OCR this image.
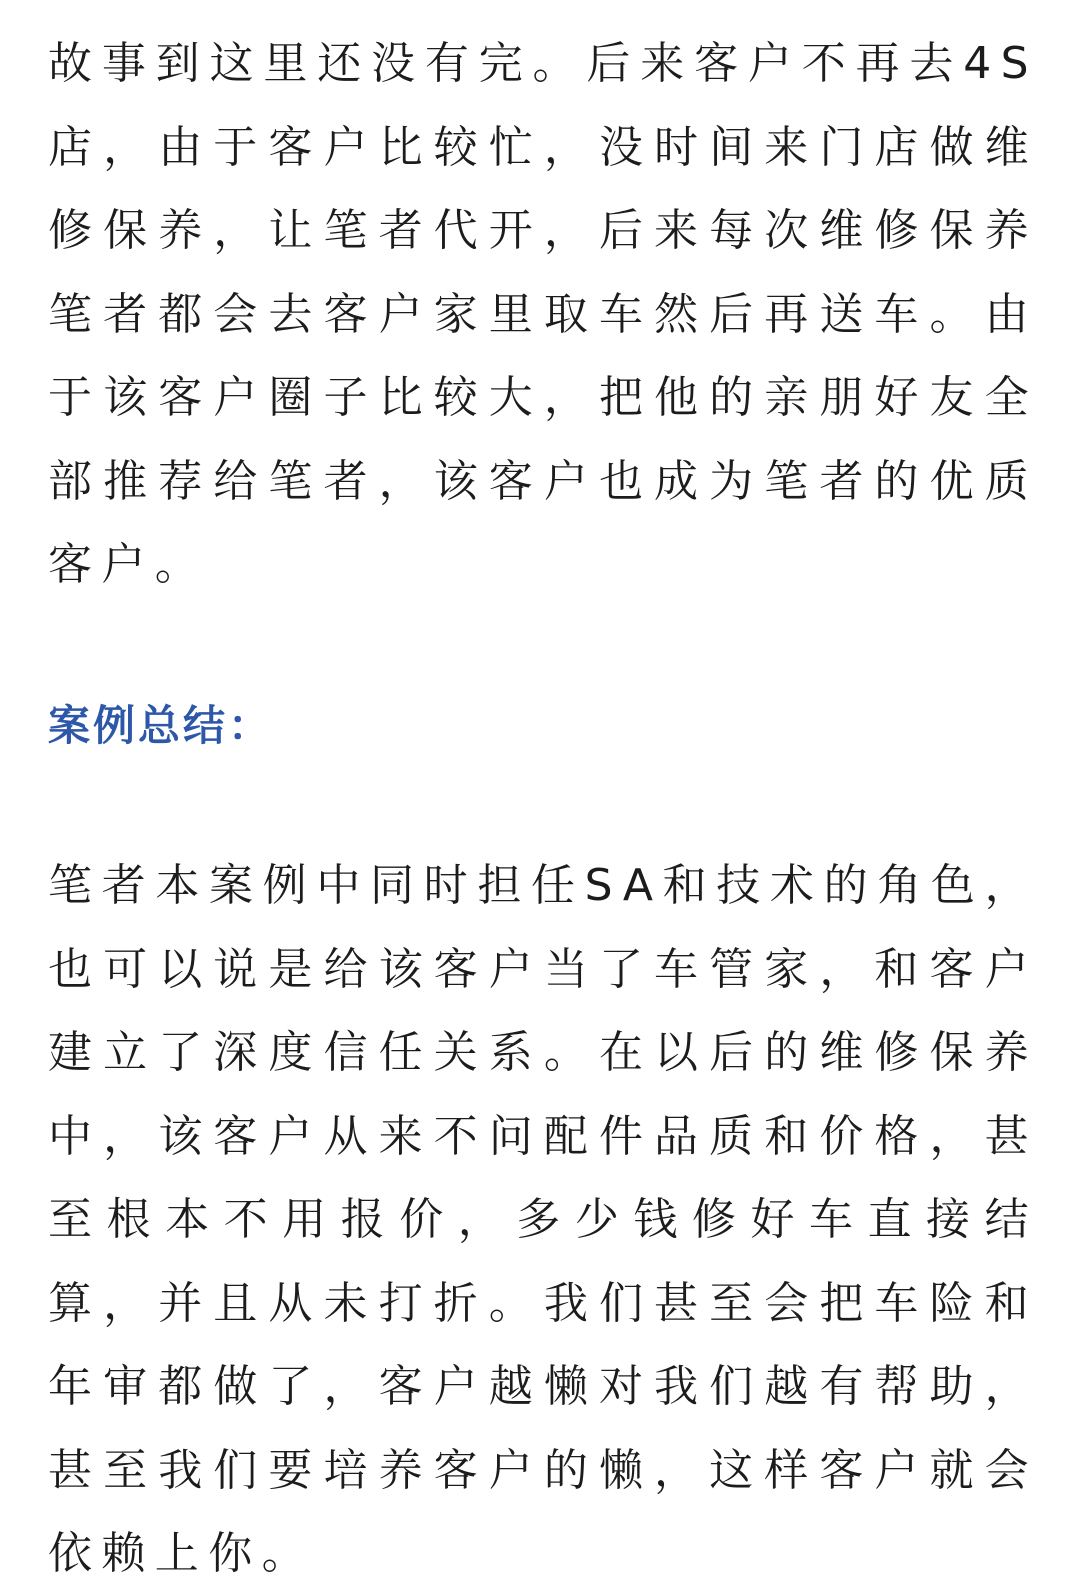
故事到这里还没有完。后来客户不再去4S店，由于客户比较忙，没时间来门店做维修保养，让笔者代开，后来每次维修保养笔者都会去客户家里取车然后再送车。由于该客户圈子比较大，把他的亲朋好友全部推荐给笔者，该客户也成为笔者的优质客户。

案例总结：

笔者本案例中同时担任SA和技术的角色，也可以说是给该客户当了车管家，和客户建立了深度信任关系。在以后的维修保养中，该客户从来不问配件品质和价格，甚至根本不用报价，多少钱修好车直接结算，并且从未打折。我们甚至会把车险和年审都做了，客户越懒对我们越有帮助，甚至我们要培养客户的懒，这样客户就会依赖上你。
